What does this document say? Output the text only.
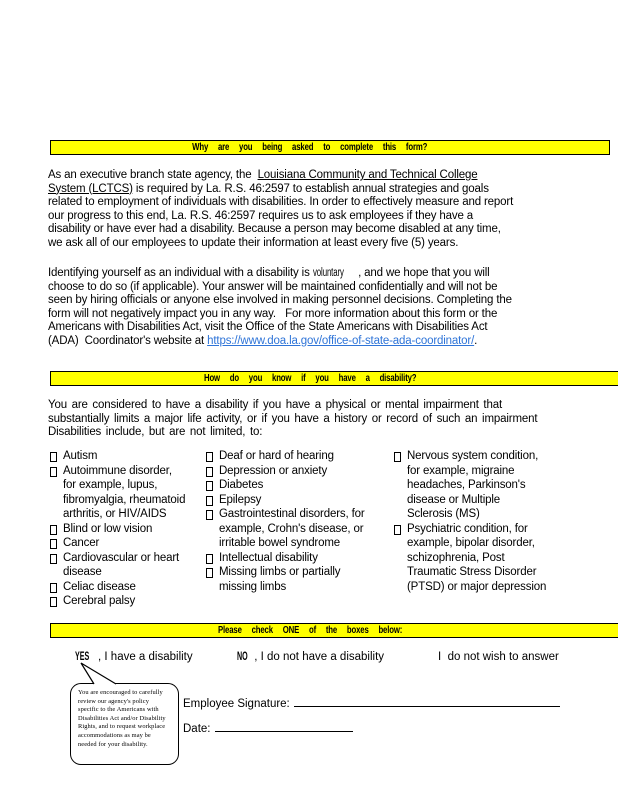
Why are you being asked to complete this form?
As an executive branch state agency, the  Louisiana Community and Technical College
System (LCTCS) is required by La. R.S. 46:2597 to establish annual strategies and goals
related to employment of individuals with disabilities. In order to effectively measure and report
our progress to this end, La. R.S. 46:2597 requires us to ask employees if they have a
disability or have ever had a disability. Because a person may become disabled at any time,
we ask all of our employees to update their information at least every five (5) years.
Identifying yourself as an individual with a disability is voluntary , and we hope that you will
choose to do so (if applicable). Your answer will be maintained confidentially and will not be
seen by hiring officials or anyone else involved in making personnel decisions. Completing the
form will not negatively impact you in any way.   For more information about this form or the
Americans with Disabilities Act, visit the Office of the State Americans with Disabilities Act
(ADA)  Coordinator's website at https://www.doa.la.gov/office-of-state-ada-coordinator/.
How do you know if you have a disability?
You are considered to have a disability if you have a physical or mental impairment that
substantially limits a major life activity, or if you have a history or record of such an impairment
Disabilities include, but are not limited, to:
Autism
Autoimmune disorder,
for example, lupus,
fibromyalgia, rheumatoid
arthritis, or HIV/AIDS
Blind or low vision
Cancer
Cardiovascular or heart
disease
Celiac disease
Cerebral palsy
Deaf or hard of hearing
Depression or anxiety
Diabetes
Epilepsy
Gastrointestinal disorders, for
example, Crohn's disease, or
irritable bowel syndrome
Intellectual disability
Missing limbs or partially
missing limbs
Nervous system condition,
for example, migraine
headaches, Parkinson's
disease or Multiple
Sclerosis (MS)
Psychiatric condition, for
example, bipolar disorder,
schizophrenia, Post
Traumatic Stress Disorder
(PTSD) or major depression
Please check ONE of the boxes below:
YES , I have a disability	NO , I do not have a disability	I  do not wish to answer
You are encouraged to carefully
review our agency's policy
specific to the Americans with
Disabilities Act and/or Disability
Rights, and to request workplace
accommodations as may be
needed for your disability.
Employee Signature:
Date:
